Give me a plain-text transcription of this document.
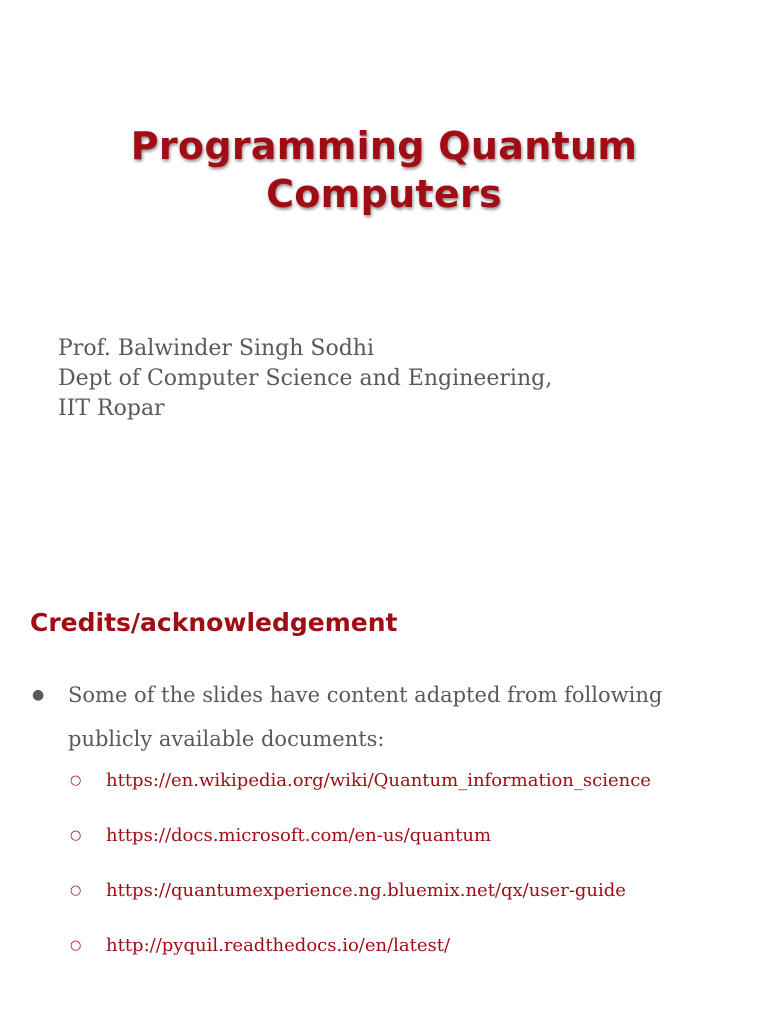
Programming Quantum Computers
Prof. Balwinder Singh Sodhi
Dept of Computer Science and Engineering,
IIT Ropar
Credits/acknowledgement
● Some of the slides have content adapted from following publicly available documents:
○ https://en.wikipedia.org/wiki/Quantum_information_science
○ https://docs.microsoft.com/en-us/quantum
○ https://quantumexperience.ng.bluemix.net/qx/user-guide
○ http://pyquil.readthedocs.io/en/latest/
